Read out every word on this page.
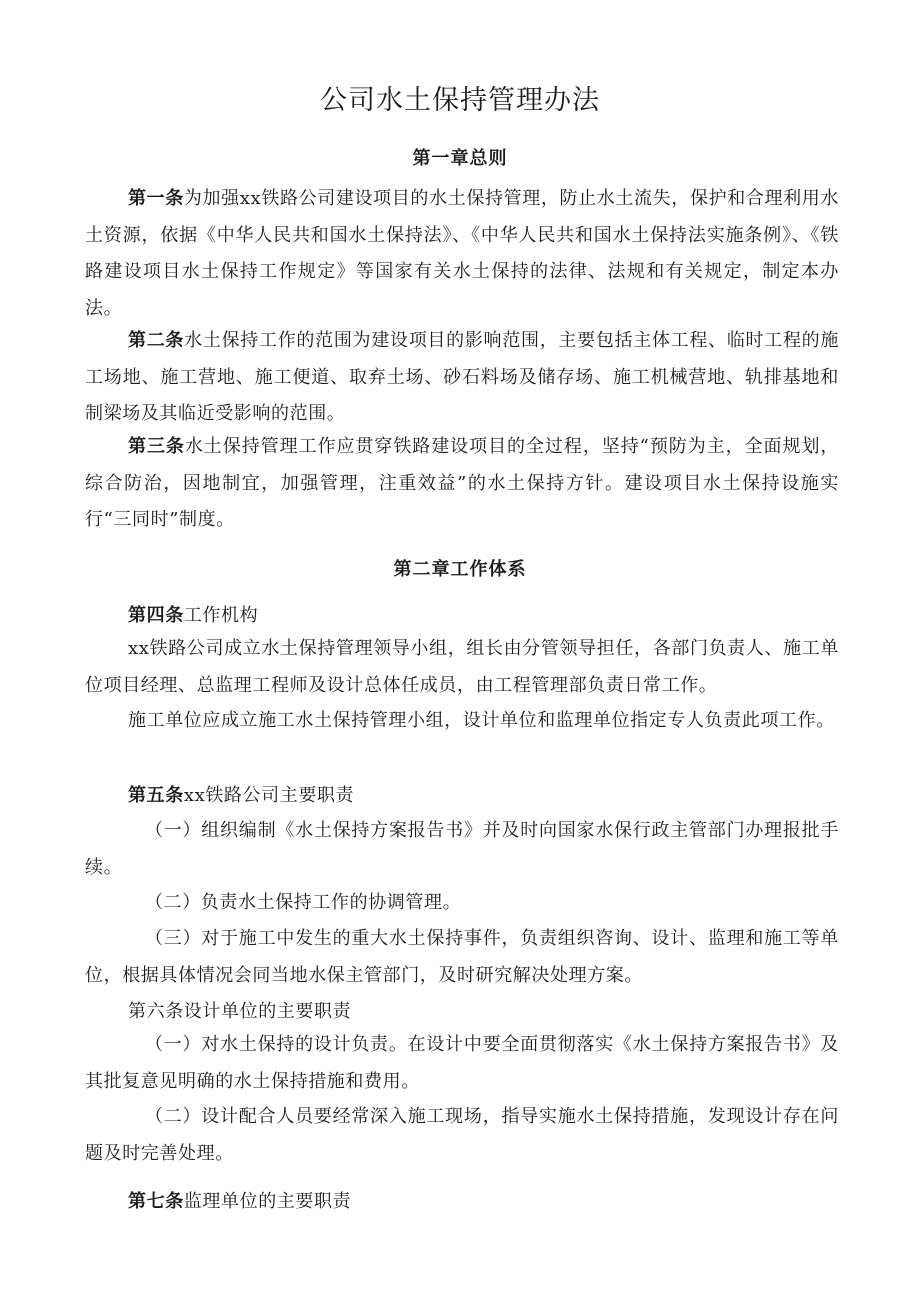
公司水土保持管理办法
第一章总则
第一条为加强xx铁路公司建设项目的水土保持管理，防止水土流失，保护和合理利用水土资源，依据《中华人民共和国水土保持法》、《中华人民共和国水土保持法实施条例》、《铁路建设项目水土保持工作规定》等国家有关水土保持的法律、法规和有关规定，制定本办法。
第二条水土保持工作的范围为建设项目的影响范围，主要包括主体工程、临时工程的施工场地、施工营地、施工便道、取弃土场、砂石料场及储存场、施工机械营地、轨排基地和制梁场及其临近受影响的范围。
第三条水土保持管理工作应贯穿铁路建设项目的全过程，坚持“预防为主，全面规划，综合防治，因地制宜，加强管理，注重效益”的水土保持方针。建设项目水土保持设施实行“三同时”制度。
第二章工作体系
第四条工作机构
xx铁路公司成立水土保持管理领导小组，组长由分管领导担任，各部门负责人、施工单位项目经理、总监理工程师及设计总体任成员，由工程管理部负责日常工作。
施工单位应成立施工水土保持管理小组，设计单位和监理单位指定专人负责此项工作。
第五条xx铁路公司主要职责
（一）组织编制《水土保持方案报告书》并及时向国家水保行政主管部门办理报批手续。
（二）负责水土保持工作的协调管理。
（三）对于施工中发生的重大水土保持事件，负责组织咨询、设计、监理和施工等单位，根据具体情况会同当地水保主管部门，及时研究解决处理方案。
第六条设计单位的主要职责
（一）对水土保持的设计负责。在设计中要全面贯彻落实《水土保持方案报告书》及其批复意见明确的水土保持措施和费用。
（二）设计配合人员要经常深入施工现场，指导实施水土保持措施，发现设计存在问题及时完善处理。
第七条监理单位的主要职责
